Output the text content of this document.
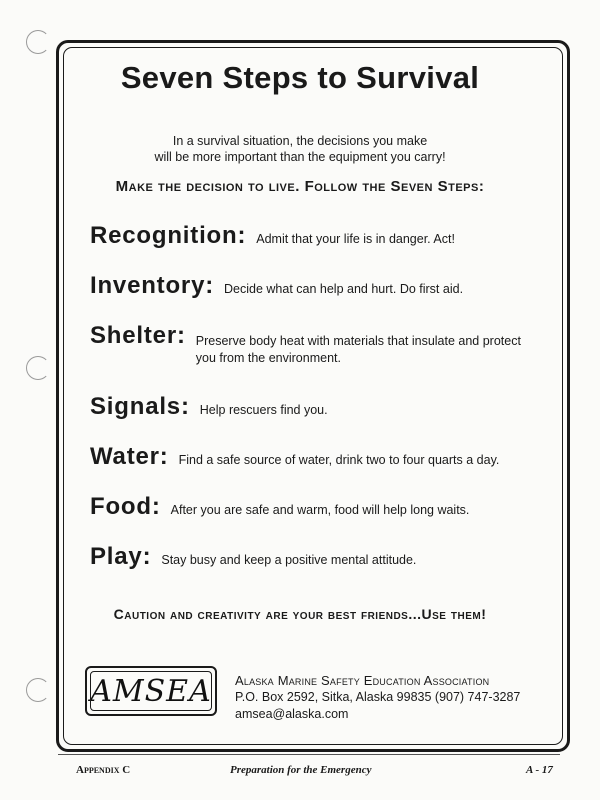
Seven Steps to Survival
In a survival situation, the decisions you make
will be more important than the equipment you carry!
Make the decision to live. Follow the Seven Steps:
Recognition: Admit that your life is in danger. Act!
Inventory: Decide what can help and hurt. Do first aid.
Shelter: Preserve body heat with materials that insulate and protect you from the environment.
Signals: Help rescuers find you.
Water: Find a safe source of water, drink two to four quarts a day.
Food: After you are safe and warm, food will help long waits.
Play: Stay busy and keep a positive mental attitude.
Caution and creativity are your best friends...Use them!
AMSEA Alaska Marine Safety Education Association
P.O. Box 2592, Sitka, Alaska 99835 (907) 747-3287
amsea@alaska.com
Appendix C	Preparation for the Emergency	A - 17
